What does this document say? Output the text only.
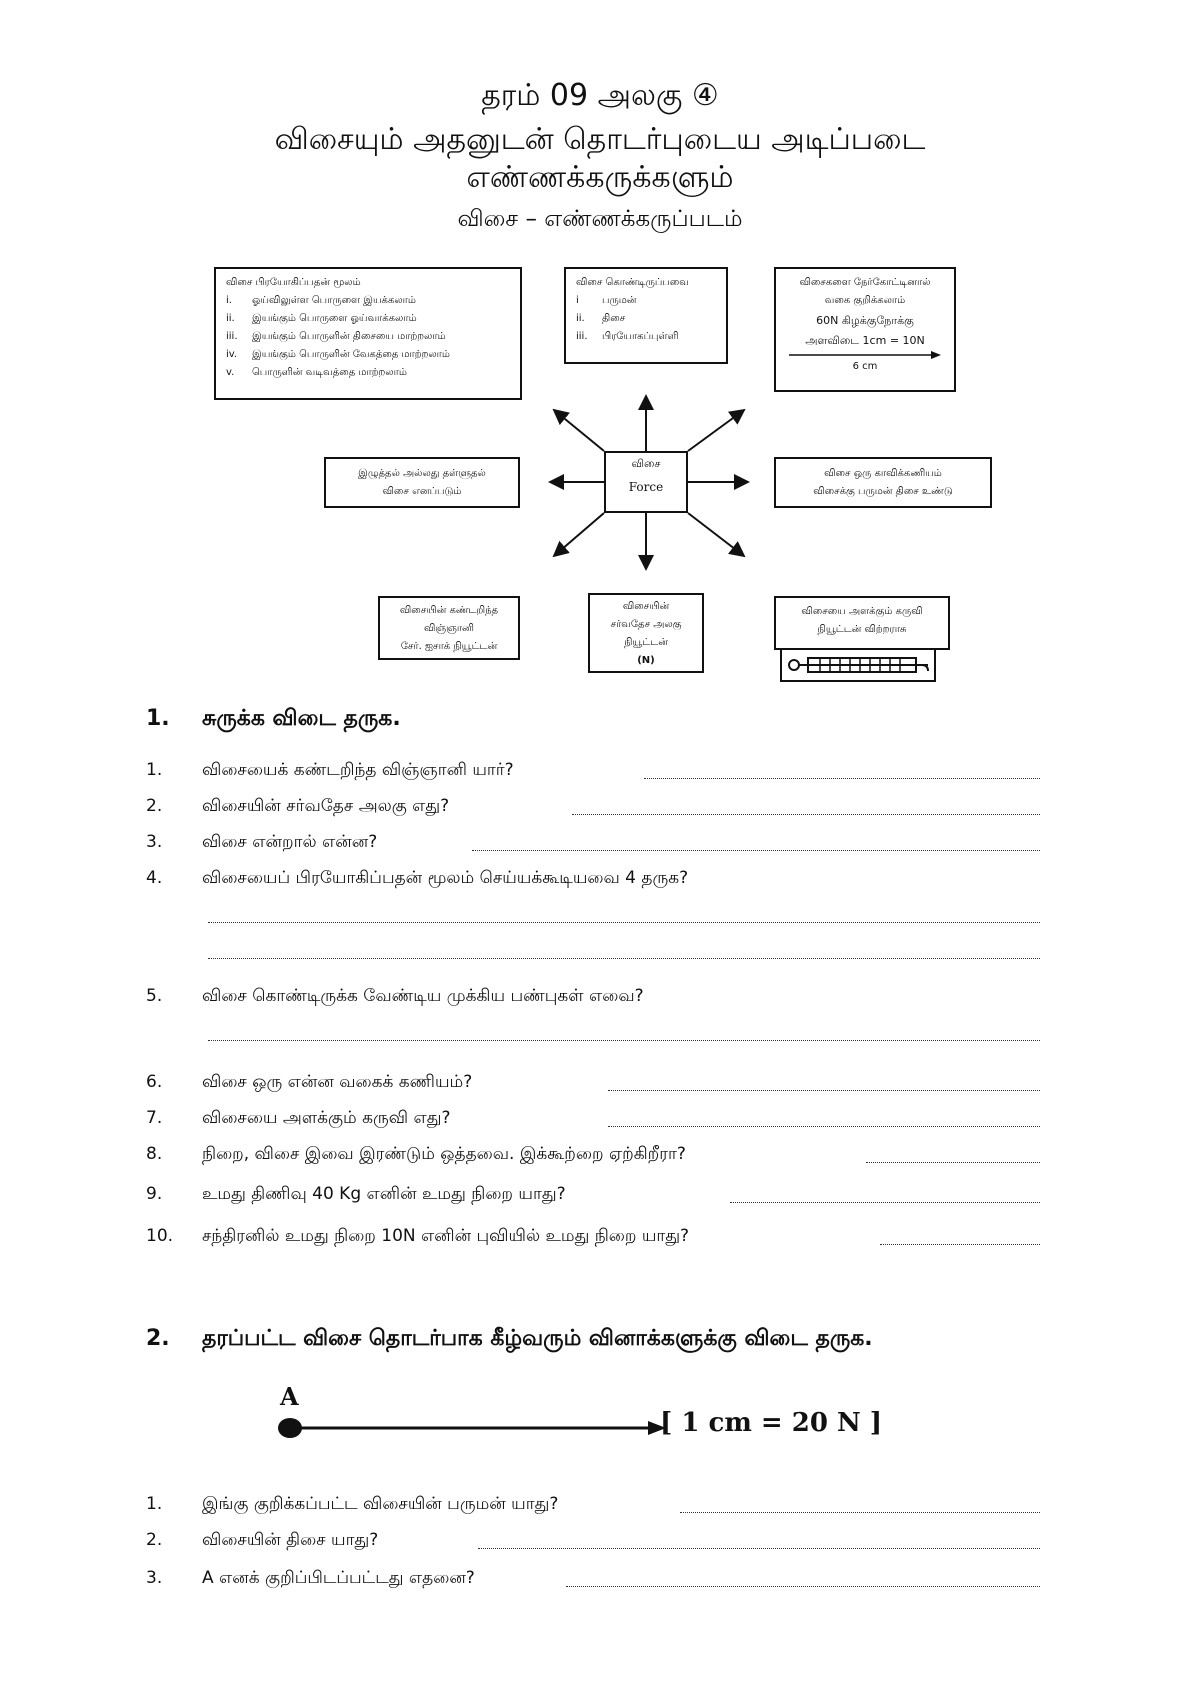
தரம் 09 அலகு ④
விசையும் அதனுடன் தொடர்புடைய அடிப்படை
எண்ணக்கருக்களும்
விசை – எண்ணக்கருப்படம்
விசை
Force
விசை பிரயோகிப்பதன் மூலம்
i. ஓய்விலுள்ள பொருளை இயக்கலாம்
ii. இயங்கும் பொருளை ஓய்வாக்கலாம்
iii. இயங்கும் பொருளின் திசையை மாற்றலாம்
iv. இயங்கும் பொருளின் வேகத்தை மாற்றலாம்
v. பொருளின் வடிவத்தை மாற்றலாம்
விசை கொண்டிருப்பவை
i பருமன்
ii. திசை
iii. பிரயோகப்புள்ளி
விசைகளை நேர்கோட்டினால்
வகை குறிக்கலாம்
60N கிழக்குநோக்கு
அளவிடை 1cm = 10N
6 cm
இழுத்தல் அல்லது தள்ளுதல்
விசை எனப்படும்
விசை ஒரு காவிக்கணியம்
விசைக்கு பருமன் திசை உண்டு
விசையின் கண்டறிந்த
விஞ்ஞானி
சேர். ஐசாக் நியூட்டன்
விசையின்
சர்வதேச அலகு
நியூட்டன்
(N)
விசையை அளக்கும் கருவி
நியூட்டன் விற்றராசு
1. சுருக்க விடை தருக.
1. விசையைக் கண்டறிந்த விஞ்ஞானி யார்?
2. விசையின் சர்வதேச அலகு எது?
3. விசை என்றால் என்ன?
4. விசையைப் பிரயோகிப்பதன் மூலம் செய்யக்கூடியவை 4 தருக?
5. விசை கொண்டிருக்க வேண்டிய முக்கிய பண்புகள் எவை?
6. விசை ஒரு என்ன வகைக் கணியம்?
7. விசையை அளக்கும் கருவி எது?
8. நிறை, விசை இவை இரண்டும் ஒத்தவை. இக்கூற்றை ஏற்கிறீரா?
9. உமது திணிவு 40 Kg எனின் உமது நிறை யாது?
10. சந்திரனில் உமது நிறை 10N எனின் புவியில் உமது நிறை யாது?
2. தரப்பட்ட விசை தொடர்பாக கீழ்வரும் வினாக்களுக்கு விடை தருக.
A
[ 1 cm = 20 N ]
1. இங்கு குறிக்கப்பட்ட விசையின் பருமன் யாது?
2. விசையின் திசை யாது?
3. A எனக் குறிப்பிடப்பட்டது எதனை?
